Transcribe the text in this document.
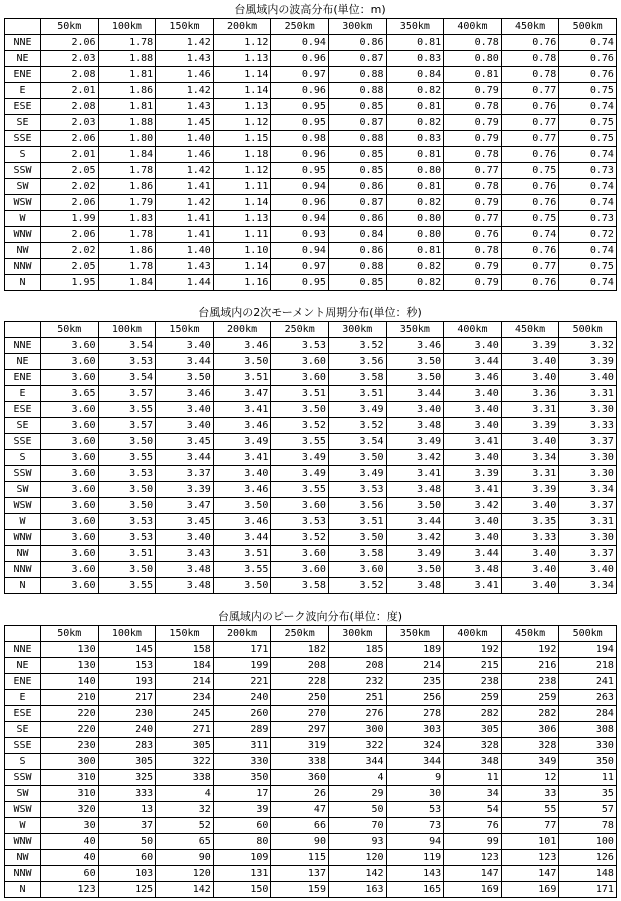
台風域内の波高分布(単位：m)
	50km	100km	150km	200km	250km	300km	350km	400km	450km	500km
NNE	2.06	1.78	1.42	1.12	0.94	0.86	0.81	0.78	0.76	0.74
NE	2.03	1.88	1.43	1.13	0.96	0.87	0.83	0.80	0.78	0.76
ENE	2.08	1.81	1.46	1.14	0.97	0.88	0.84	0.81	0.78	0.76
E	2.01	1.86	1.42	1.14	0.96	0.88	0.82	0.79	0.77	0.75
ESE	2.08	1.81	1.43	1.13	0.95	0.85	0.81	0.78	0.76	0.74
SE	2.03	1.88	1.45	1.12	0.95	0.87	0.82	0.79	0.77	0.75
SSE	2.06	1.80	1.40	1.15	0.98	0.88	0.83	0.79	0.77	0.75
S	2.01	1.84	1.46	1.18	0.96	0.85	0.81	0.78	0.76	0.74
SSW	2.05	1.78	1.42	1.12	0.95	0.85	0.80	0.77	0.75	0.73
SW	2.02	1.86	1.41	1.11	0.94	0.86	0.81	0.78	0.76	0.74
WSW	2.06	1.79	1.42	1.14	0.96	0.87	0.82	0.79	0.76	0.74
W	1.99	1.83	1.41	1.13	0.94	0.86	0.80	0.77	0.75	0.73
WNW	2.06	1.78	1.41	1.11	0.93	0.84	0.80	0.76	0.74	0.72
NW	2.02	1.86	1.40	1.10	0.94	0.86	0.81	0.78	0.76	0.74
NNW	2.05	1.78	1.43	1.14	0.97	0.88	0.82	0.79	0.77	0.75
N	1.95	1.84	1.44	1.16	0.95	0.85	0.82	0.79	0.76	0.74
台風域内の2次モーメント周期分布(単位：秒)
	50km	100km	150km	200km	250km	300km	350km	400km	450km	500km
NNE	3.60	3.54	3.40	3.46	3.53	3.52	3.46	3.40	3.39	3.32
NE	3.60	3.53	3.44	3.50	3.60	3.56	3.50	3.44	3.40	3.39
ENE	3.60	3.54	3.50	3.51	3.60	3.58	3.50	3.46	3.40	3.40
E	3.65	3.57	3.46	3.47	3.51	3.51	3.44	3.40	3.36	3.31
ESE	3.60	3.55	3.40	3.41	3.50	3.49	3.40	3.40	3.31	3.30
SE	3.60	3.57	3.40	3.46	3.52	3.52	3.48	3.40	3.39	3.33
SSE	3.60	3.50	3.45	3.49	3.55	3.54	3.49	3.41	3.40	3.37
S	3.60	3.55	3.44	3.41	3.49	3.50	3.42	3.40	3.34	3.30
SSW	3.60	3.53	3.37	3.40	3.49	3.49	3.41	3.39	3.31	3.30
SW	3.60	3.50	3.39	3.46	3.55	3.53	3.48	3.41	3.39	3.34
WSW	3.60	3.50	3.47	3.50	3.60	3.56	3.50	3.42	3.40	3.37
W	3.60	3.53	3.45	3.46	3.53	3.51	3.44	3.40	3.35	3.31
WNW	3.60	3.53	3.40	3.44	3.52	3.50	3.42	3.40	3.33	3.30
NW	3.60	3.51	3.43	3.51	3.60	3.58	3.49	3.44	3.40	3.37
NNW	3.60	3.50	3.48	3.55	3.60	3.60	3.50	3.48	3.40	3.40
N	3.60	3.55	3.48	3.50	3.58	3.52	3.48	3.41	3.40	3.34
台風域内のピーク波向分布(単位：度)
	50km	100km	150km	200km	250km	300km	350km	400km	450km	500km
NNE	130	145	158	171	182	185	189	192	192	194
NE	130	153	184	199	208	208	214	215	216	218
ENE	140	193	214	221	228	232	235	238	238	241
E	210	217	234	240	250	251	256	259	259	263
ESE	220	230	245	260	270	276	278	282	282	284
SE	220	240	271	289	297	300	303	305	306	308
SSE	230	283	305	311	319	322	324	328	328	330
S	300	305	322	330	338	344	344	348	349	350
SSW	310	325	338	350	360	4	9	11	12	11
SW	310	333	4	17	26	29	30	34	33	35
WSW	320	13	32	39	47	50	53	54	55	57
W	30	37	52	60	66	70	73	76	77	78
WNW	40	50	65	80	90	93	94	99	101	100
NW	40	60	90	109	115	120	119	123	123	126
NNW	60	103	120	131	137	142	143	147	147	148
N	123	125	142	150	159	163	165	169	169	171
